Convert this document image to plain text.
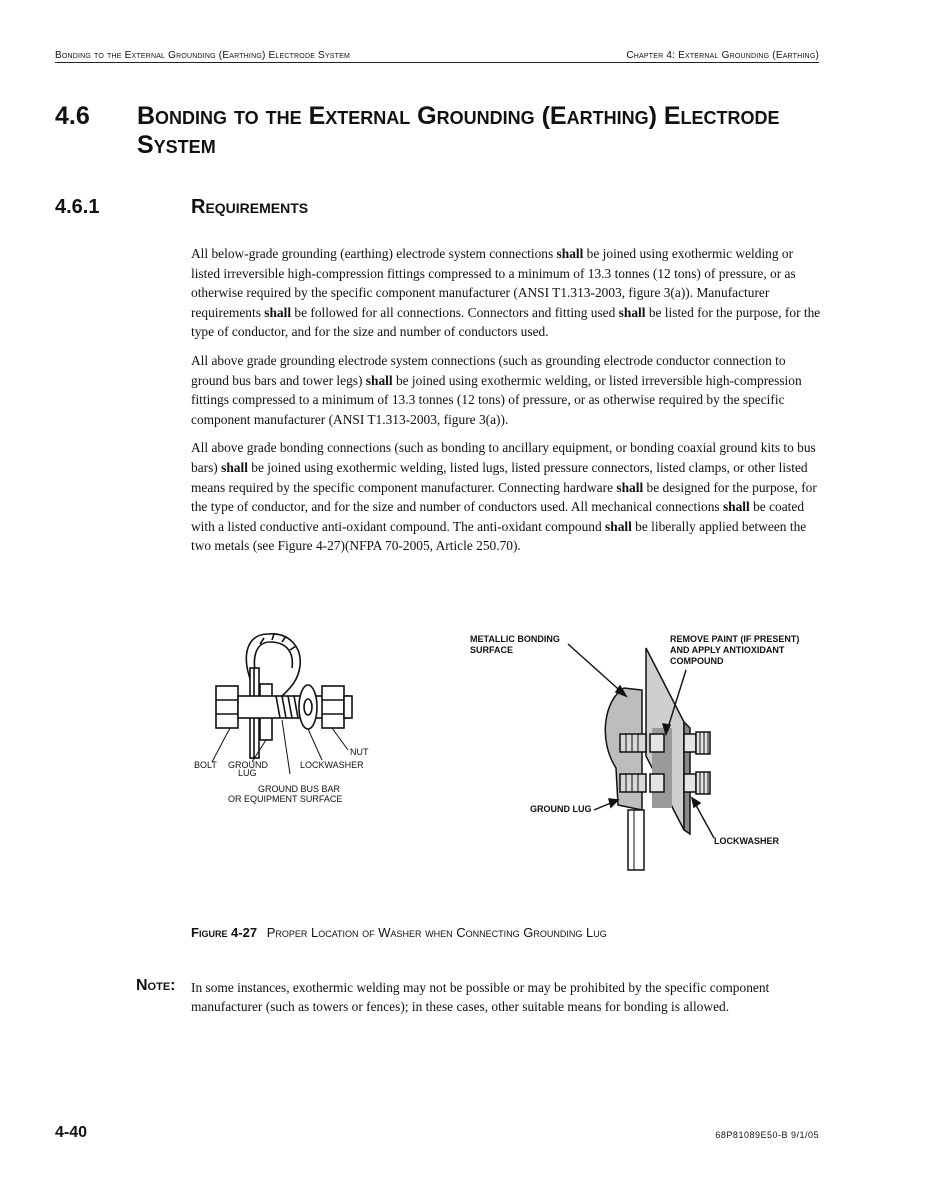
Bonding to the External Grounding (Earthing) Electrode System	Chapter 4: External Grounding (Earthing)
4.6 Bonding to the External Grounding (Earthing) Electrode System
4.6.1	Requirements

All below-grade grounding (earthing) electrode system connections shall be joined using exothermic welding or listed irreversible high-compression fittings compressed to a minimum of 13.3 tonnes (12 tons) of pressure, or as otherwise required by the specific component manufacturer (ANSI T1.313-2003, figure 3(a)). Manufacturer requirements shall be followed for all connections. Connectors and fitting used shall be listed for the purpose, for the type of conductor, and for the size and number of conductors used.

All above grade grounding electrode system connections (such as grounding electrode conductor connection to ground bus bars and tower legs) shall be joined using exothermic welding, or listed irreversible high-compression fittings compressed to a minimum of 13.3 tonnes (12 tons) of pressure, or as otherwise required by the specific component manufacturer (ANSI T1.313-2003, figure 3(a)).

All above grade bonding connections (such as bonding to ancillary equipment, or bonding coaxial ground kits to bus bars) shall be joined using exothermic welding, listed lugs, listed pressure connectors, listed clamps, or other listed means required by the specific component manufacturer. Connecting hardware shall be designed for the purpose, for the type of conductor, and for the size and number of conductors used. All mechanical connections shall be coated with a listed conductive anti-oxidant compound. The anti-oxidant compound shall be liberally applied between the two metals (see Figure 4-27)(NFPA 70-2005, Article 250.70).

BOLT GROUND
LUG
LOCKWASHER
NUT
GROUND BUS BAR
OR EQUIPMENT SURFACE
METALLIC BONDING
SURFACE
REMOVE PAINT (IF PRESENT)
AND APPLY ANTIOXIDANT
COMPOUND
GROUND LUG
LOCKWASHER
Figure 4-27 Proper Location of Washer when Connecting Grounding Lug
Note: In some instances, exothermic welding may not be possible or may be prohibited by the specific component manufacturer (such as towers or fences); in these cases, other suitable means for bonding is allowed.
4-40	68P81089E50-B 9/1/05
